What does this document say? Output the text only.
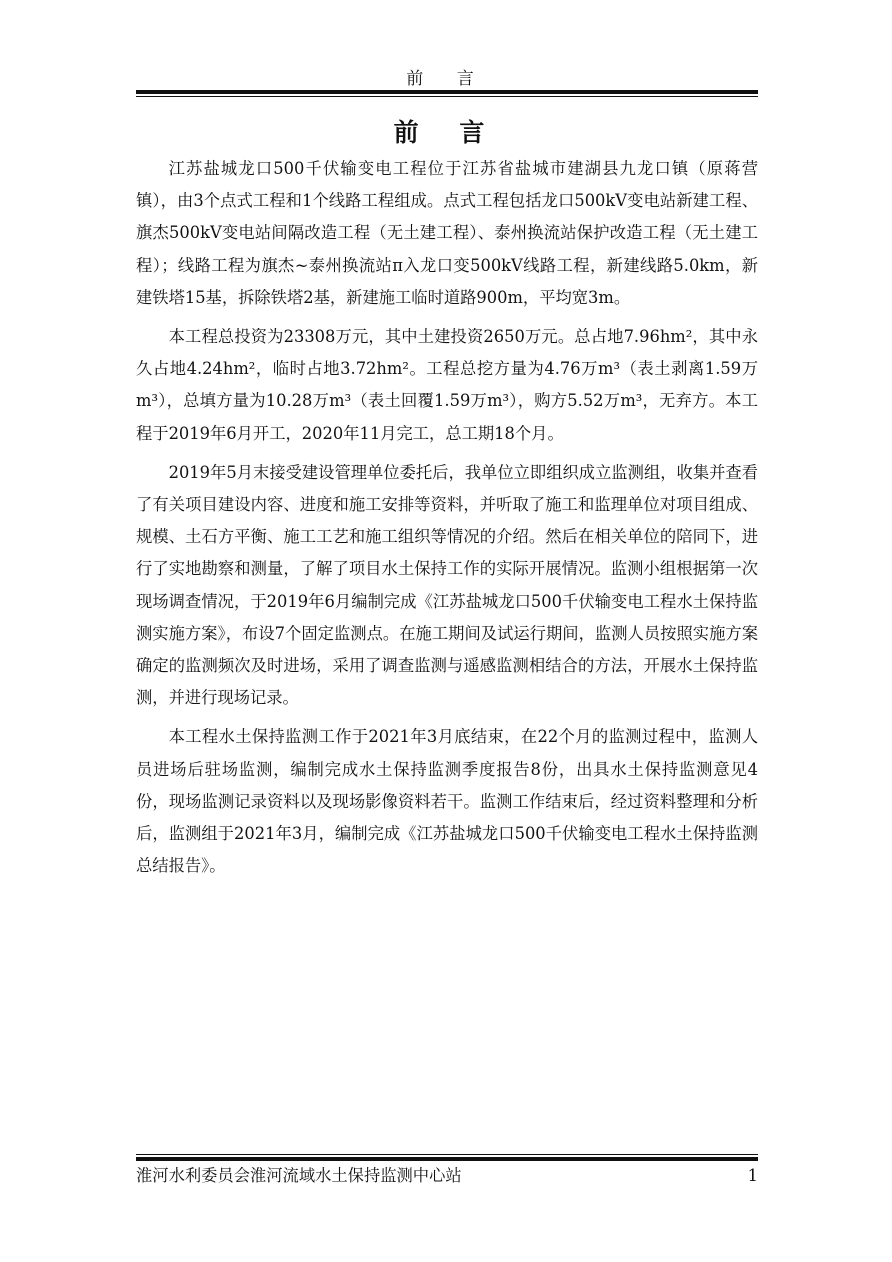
前 言
前 言

江苏盐城龙口500千伏输变电工程位于江苏省盐城市建湖县九龙口镇（原蒋营镇），由3个点式工程和1个线路工程组成。点式工程包括龙口500kV变电站新建工程、旗杰500kV变电站间隔改造工程（无土建工程）、泰州换流站保护改造工程（无土建工程）；线路工程为旗杰~泰州换流站π入龙口变500kV线路工程，新建线路5.0km，新建铁塔15基，拆除铁塔2基，新建施工临时道路900m，平均宽3m。

本工程总投资为23308万元，其中土建投资2650万元。总占地7.96hm²，其中永久占地4.24hm²，临时占地3.72hm²。工程总挖方量为4.76万m³（表土剥离1.59万m³），总填方量为10.28万m³（表土回覆1.59万m³），购方5.52万m³，无弃方。本工程于2019年6月开工，2020年11月完工，总工期18个月。

2019年5月末接受建设管理单位委托后，我单位立即组织成立监测组，收集并查看了有关项目建设内容、进度和施工安排等资料，并听取了施工和监理单位对项目组成、规模、土石方平衡、施工工艺和施工组织等情况的介绍。然后在相关单位的陪同下，进行了实地勘察和测量，了解了项目水土保持工作的实际开展情况。监测小组根据第一次现场调查情况，于2019年6月编制完成《江苏盐城龙口500千伏输变电工程水土保持监测实施方案》，布设7个固定监测点。在施工期间及试运行期间，监测人员按照实施方案确定的监测频次及时进场，采用了调查监测与遥感监测相结合的方法，开展水土保持监测，并进行现场记录。

本工程水土保持监测工作于2021年3月底结束，在22个月的监测过程中，监测人员进场后驻场监测，编制完成水土保持监测季度报告8份，出具水土保持监测意见4份，现场监测记录资料以及现场影像资料若干。监测工作结束后，经过资料整理和分析后，监测组于2021年3月，编制完成《江苏盐城龙口500千伏输变电工程水土保持监测总结报告》。

淮河水利委员会淮河流域水土保持监测中心站	1
